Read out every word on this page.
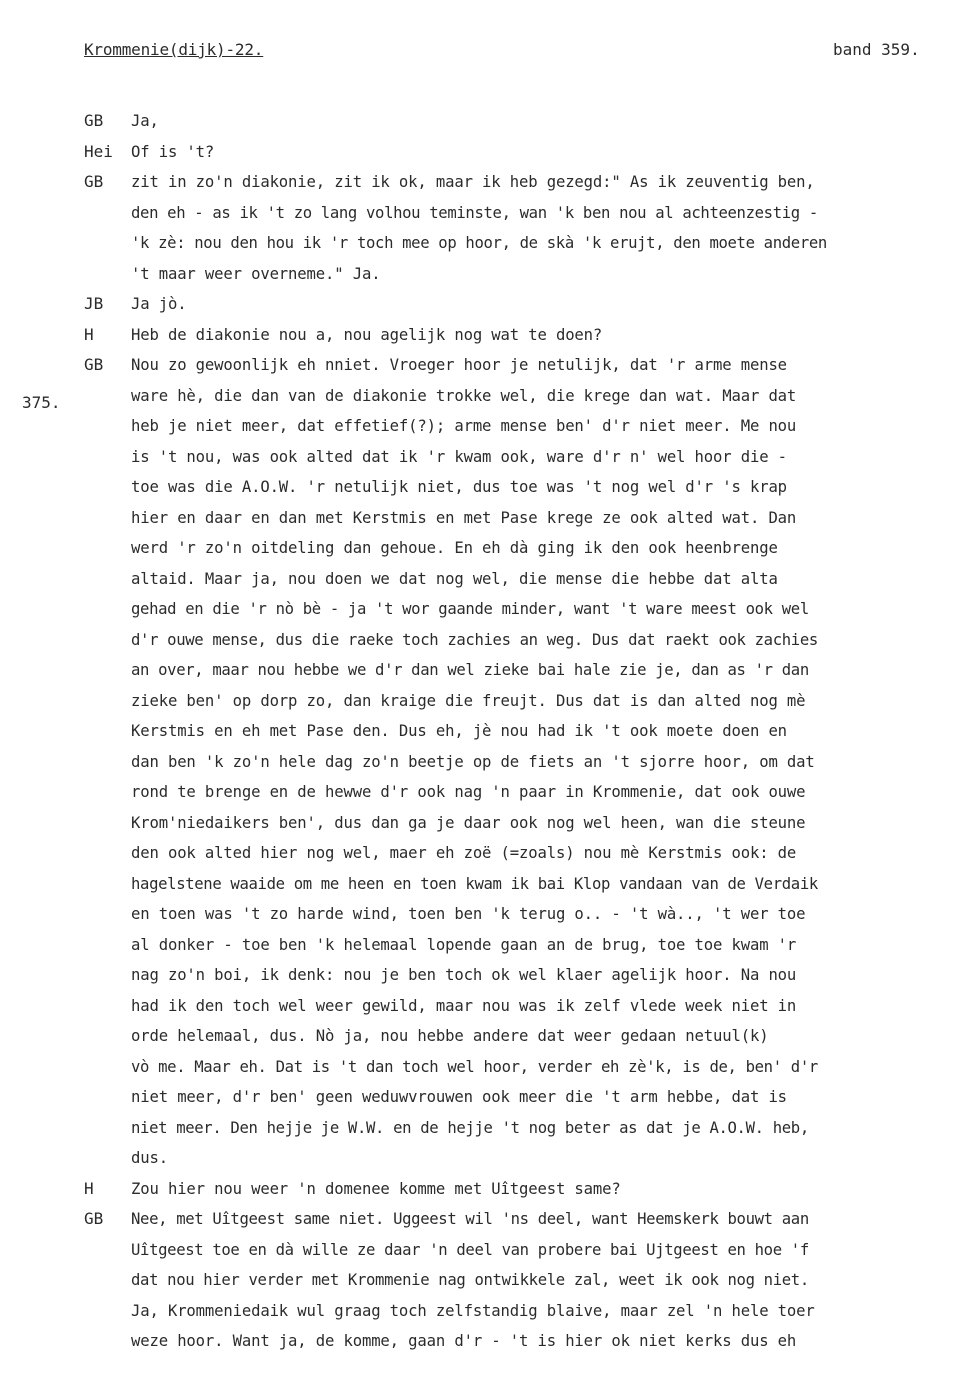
Krommenie(dijk)-22.	band 359.
375.
GB	Ja,
Hei	Of is 't?
GB	zit in zo'n diakonie, zit ik ok, maar ik heb gezegd:" As ik zeuventig ben,
den eh - as ik 't zo lang volhou teminste, wan 'k ben nou al achteenzestig -
'k zè: nou den hou ik 'r toch mee op hoor, de skà 'k erujt, den moete anderen
't maar weer overneme." Ja.
JB	Ja jò.
H	Heb de diakonie nou a, nou agelijk nog wat te doen?
GB	Nou zo gewoonlijk eh nniet. Vroeger hoor je netulijk, dat 'r arme mense
ware hè, die dan van de diakonie trokke wel, die krege dan wat. Maar dat
heb je niet meer, dat effetief(?); arme mense ben' d'r niet meer. Me nou
is 't nou, was ook alted dat ik 'r kwam ook, ware d'r n' wel hoor die -
toe was die A.O.W. 'r netulijk niet, dus toe was 't nog wel d'r 's krap
hier en daar en dan met Kerstmis en met Pase krege ze ook alted wat. Dan
werd 'r zo'n oitdeling dan gehoue. En eh dà ging ik den ook heenbrenge
altaid. Maar ja, nou doen we dat nog wel, die mense die hebbe dat alta
gehad en die 'r nò bè - ja 't wor gaande minder, want 't ware meest ook wel
d'r ouwe mense, dus die raeke toch zachies an weg. Dus dat raekt ook zachies
an over, maar nou hebbe we d'r dan wel zieke bai hale zie je, dan as 'r dan
zieke ben' op dorp zo, dan kraige die freujt. Dus dat is dan alted nog mè
Kerstmis en eh met Pase den. Dus eh, jè nou had ik 't ook moete doen en
dan ben 'k zo'n hele dag zo'n beetje op de fiets an 't sjorre hoor, om dat
rond te brenge en de hewwe d'r ook nag 'n paar in Krommenie, dat ook ouwe
Krom'niedaikers ben', dus dan ga je daar ook nog wel heen, wan die steune
den ook alted hier nog wel, maer eh zoë (=zoals) nou mè Kerstmis ook: de
hagelstene waaide om me heen en toen kwam ik bai Klop vandaan van de Verdaik
en toen was 't zo harde wind, toen ben 'k terug o.. - 't wà.., 't wer toe
al donker - toe ben 'k helemaal lopende gaan an de brug, toe toe kwam 'r
nag zo'n boi, ik denk: nou je ben toch ok wel klaer agelijk hoor. Na nou
had ik den toch wel weer gewild, maar nou was ik zelf vlede week niet in
orde helemaal, dus. Nò ja, nou hebbe andere dat weer gedaan netuul(k)
vò me. Maar eh. Dat is 't dan toch wel hoor, verder eh zè'k, is de, ben' d'r
niet meer, d'r ben' geen weduwvrouwen ook meer die 't arm hebbe, dat is
niet meer. Den hejje je W.W. en de hejje 't nog beter as dat je A.O.W. heb,
dus.
H	Zou hier nou weer 'n domenee komme met Uîtgeest same?
GB	Nee, met Uîtgeest same niet. Uggeest wil 'ns deel, want Heemskerk bouwt aan
Uîtgeest toe en dà wille ze daar 'n deel van probere bai Ujtgeest en hoe 'f
dat nou hier verder met Krommenie nag ontwikkele zal, weet ik ook nog niet.
Ja, Krommeniedaik wul graag toch zelfstandig blaive, maar zel 'n hele toer
weze hoor. Want ja, de komme, gaan d'r - 't is hier ok niet kerks dus eh
